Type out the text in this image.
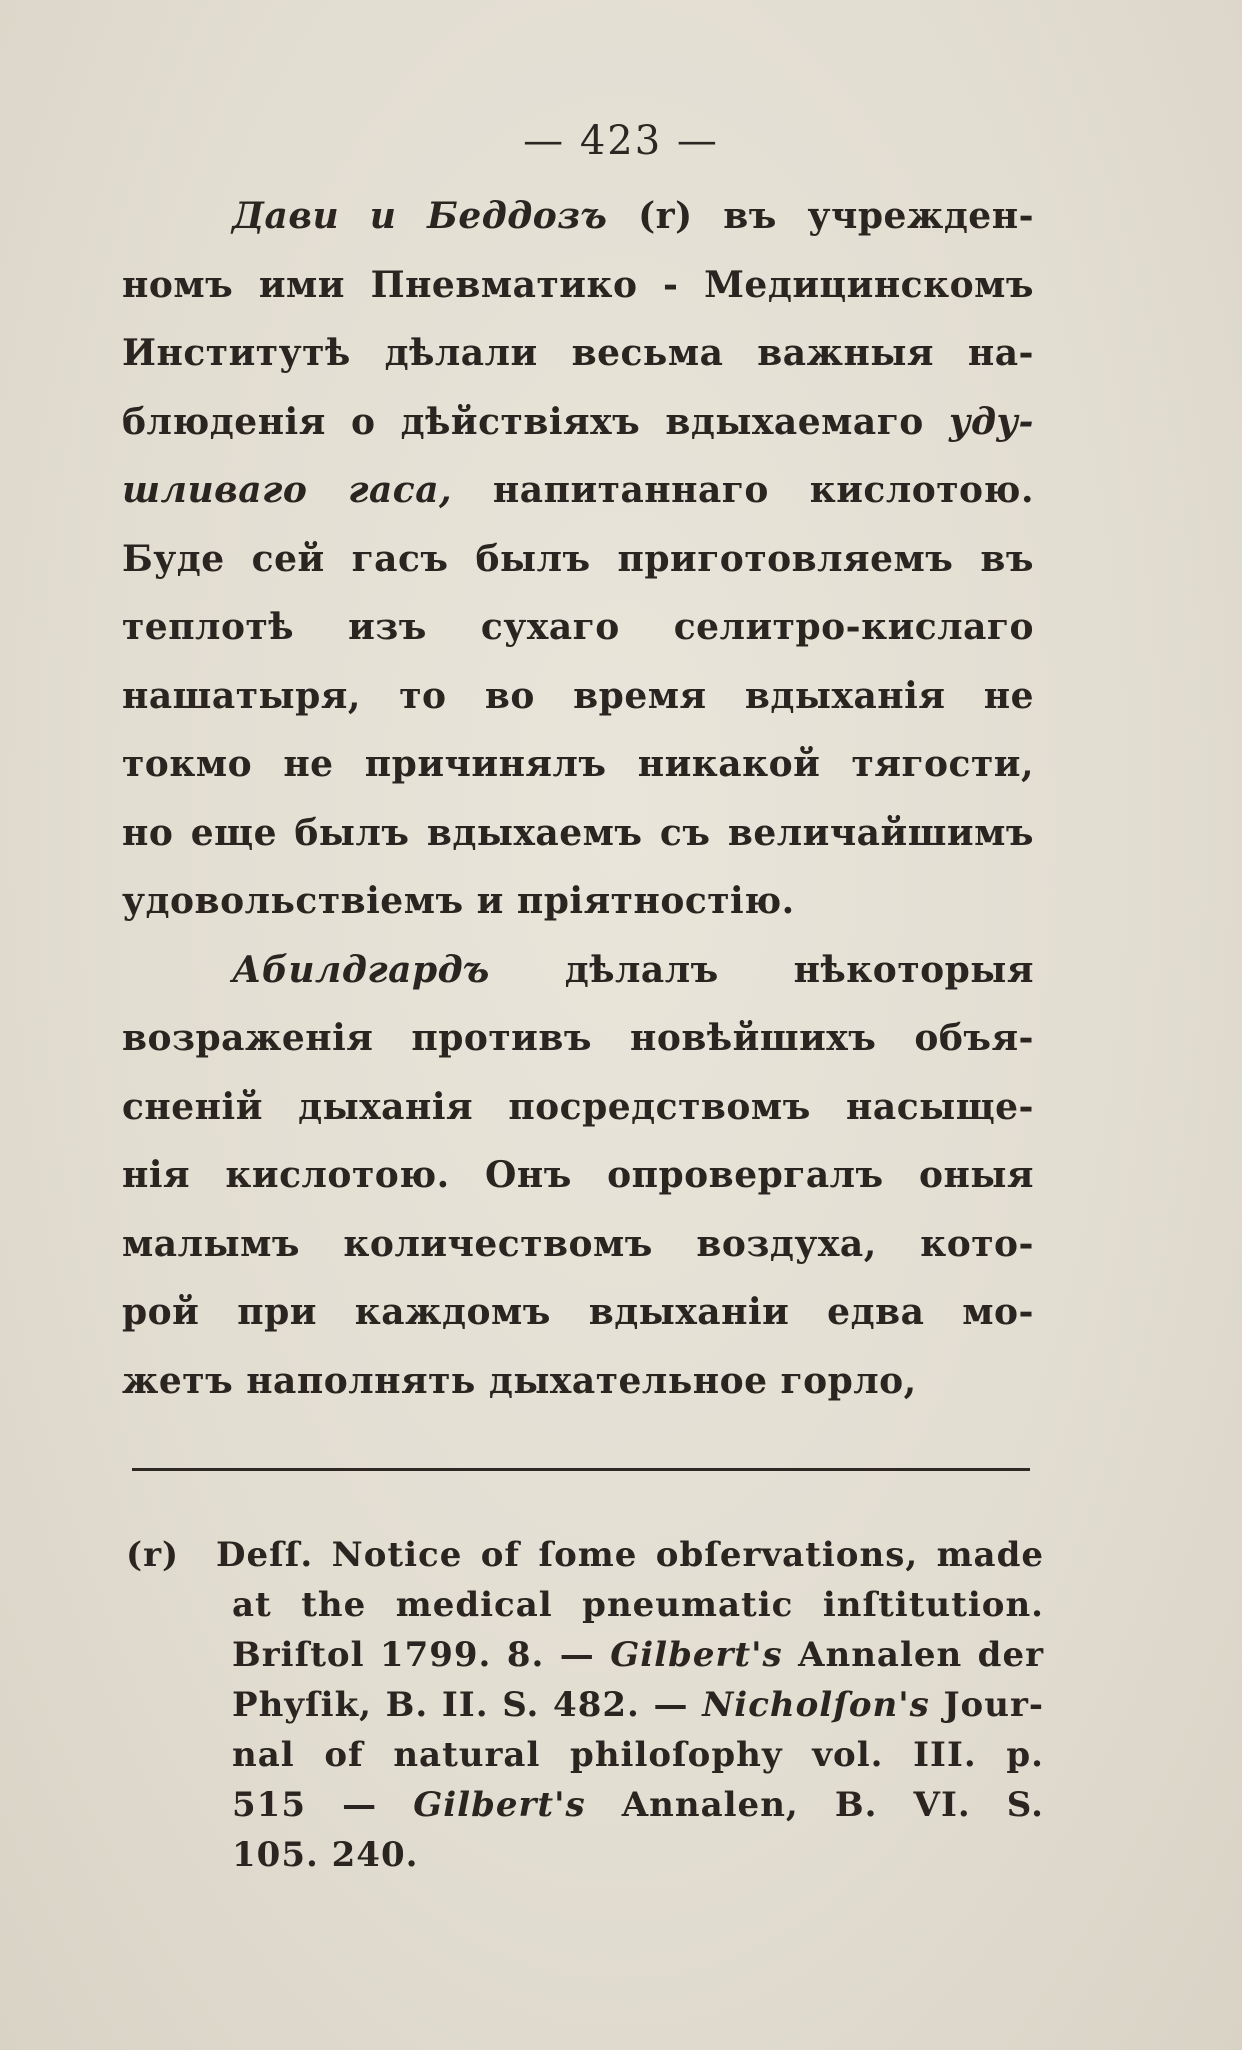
— 423 —
Дави и Беддозъ (r) въ учрежден-
номъ ими Пневматико - Медицинскомъ
Институтѣ дѣлали весьма важныя на-
блюденія о дѣйствіяхъ вдыхаемаго уду-
шливаго гаса, напитаннаго кислотою.
Буде сей гасъ былъ приготовляемъ въ
теплотѣ изъ сухаго селитро-кислаго
нашатыря, то во время вдыханія не
токмо не причинялъ никакой тягости,
но еще былъ вдыхаемъ съ величайшимъ
удовольствіемъ и пріятностію.
Абилдгардъ дѣлалъ нѣкоторыя
возраженія противъ новѣйшихъ объя-
сненій дыханія посредствомъ насыще-
нія кислотою. Онъ опровергалъ оныя
малымъ количествомъ воздуха, кото-
рой при каждомъ вдыханіи едва мо-
жетъ наполнять дыхательное горло,
(r) Deſſ. Notice of ſome obſervations, made
at the medical pneumatic inſtitution.
Briſtol 1799. 8. — Gilbert's Annalen der
Phyſik, B. II. S. 482. — Nicholſon's Jour-
nal of natural philoſophy vol. III. p.
515 — Gilbert's Annalen, B. VI. S.
105. 240.
